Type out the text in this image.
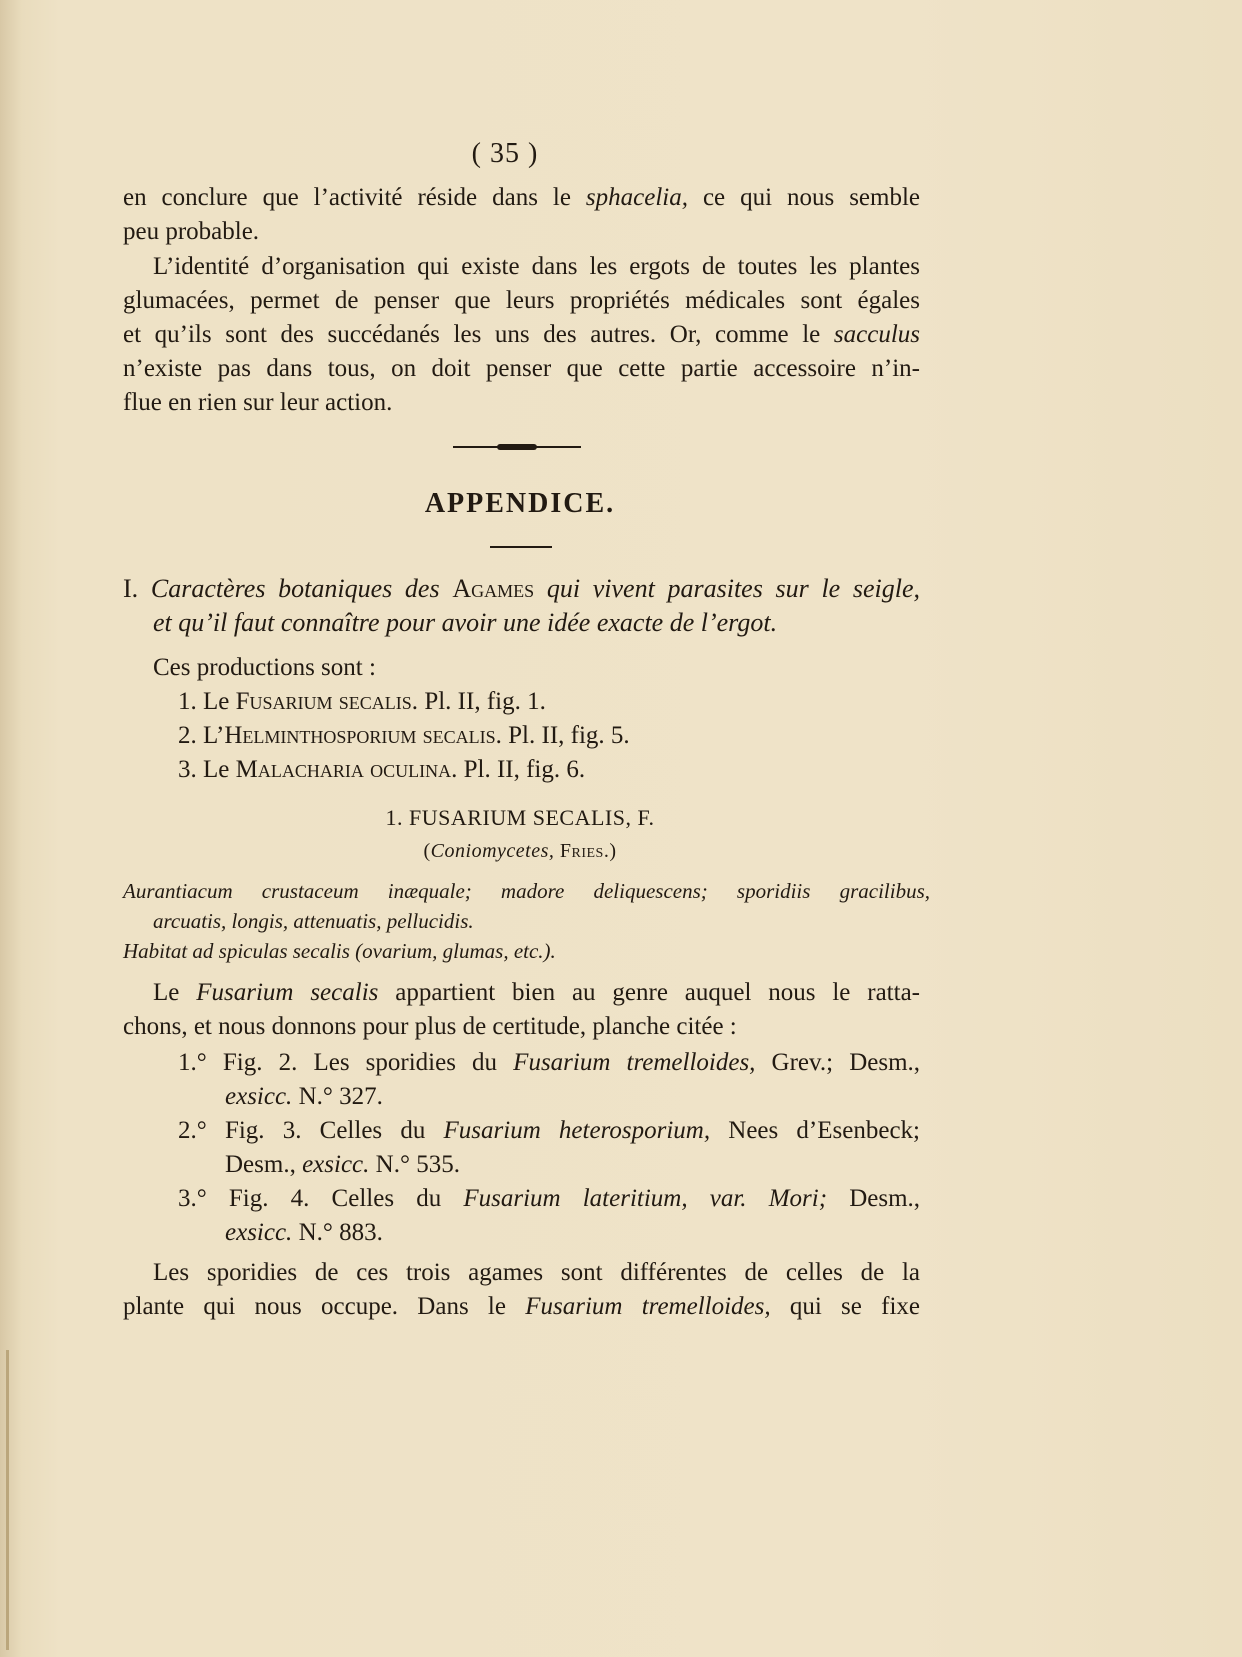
( 35 )
en conclure que l’activité réside dans le sphacelia, ce qui nous semble
peu probable.
L’identité d’organisation qui existe dans les ergots de toutes les plantes
glumacées, permet de penser que leurs propriétés médicales sont égales
et qu’ils sont des succédanés les uns des autres. Or, comme le sacculus
n’existe pas dans tous, on doit penser que cette partie accessoire n’in-
flue en rien sur leur action.
APPENDICE.
I. Caractères botaniques des Agames qui vivent parasites sur le seigle,
et qu’il faut connaître pour avoir une idée exacte de l’ergot.
Ces productions sont :
1. Le Fusarium secalis. Pl. II, fig. 1.
2. L’Helminthosporium secalis. Pl. II, fig. 5.
3. Le Malacharia oculina. Pl. II, fig. 6.
1. FUSARIUM SECALIS, F.
(Coniomycetes, Fries.)
Aurantiacum crustaceum inæquale; madore deliquescens; sporidiis gracilibus,
arcuatis, longis, attenuatis, pellucidis.
Habitat ad spiculas secalis (ovarium, glumas, etc.).
Le Fusarium secalis appartient bien au genre auquel nous le ratta-
chons, et nous donnons pour plus de certitude, planche citée :
1.° Fig. 2. Les sporidies du Fusarium tremelloides, Grev.; Desm.,
exsicc. N.° 327.
2.° Fig. 3. Celles du Fusarium heterosporium, Nees d’Esenbeck;
Desm., exsicc. N.° 535.
3.° Fig. 4. Celles du Fusarium lateritium, var. Mori; Desm.,
exsicc. N.° 883.
Les sporidies de ces trois agames sont différentes de celles de la
plante qui nous occupe. Dans le Fusarium tremelloides, qui se fixe
